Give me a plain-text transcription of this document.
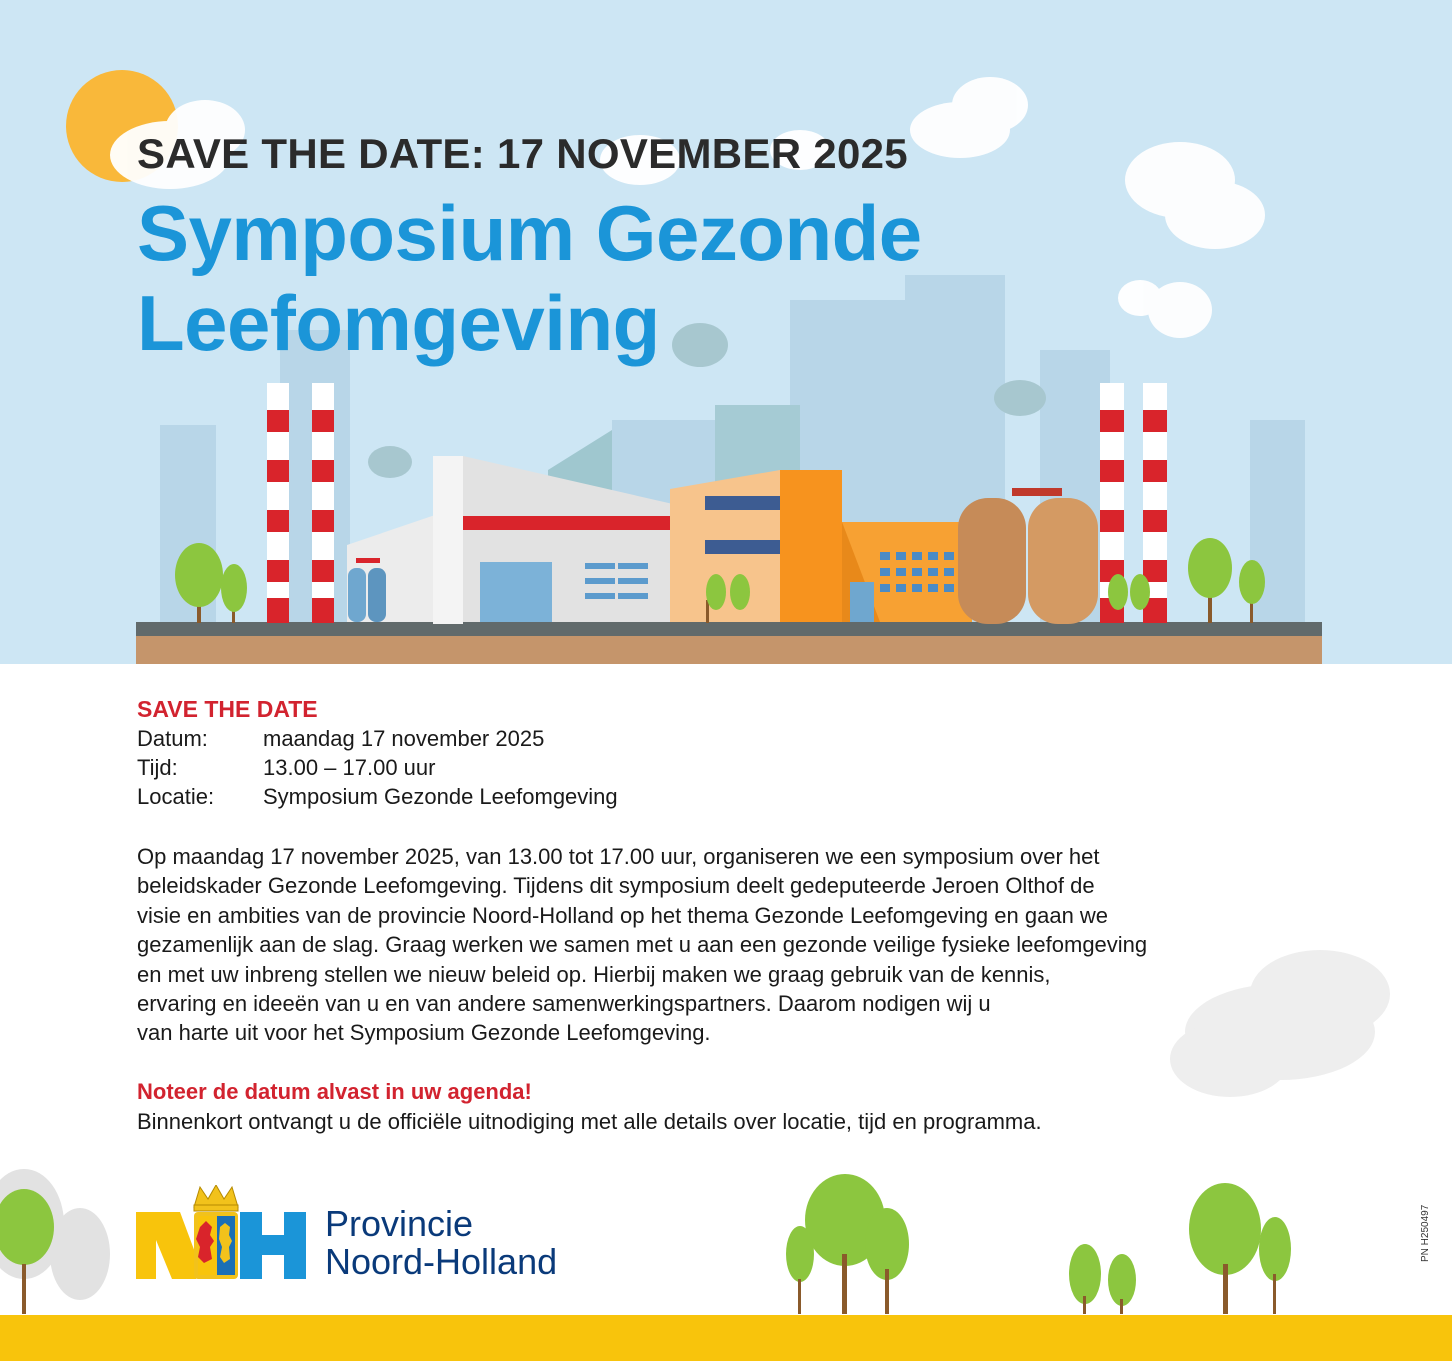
SAVE THE DATE: 17 NOVEMBER 2025
Symposium Gezonde
Leefomgeving
SAVE THE DATE
Datum:	maandag 17 november 2025
Tijd:	13.00 – 17.00 uur
Locatie:	Symposium Gezonde Leefomgeving

Op maandag 17 november 2025, van 13.00 tot 17.00 uur, organiseren we een symposium over het
beleidskader Gezonde Leefomgeving. Tijdens dit symposium deelt gedeputeerde Jeroen Olthof de
visie en ambities van de provincie Noord-Holland op het thema Gezonde Leefomgeving en gaan we
gezamenlijk aan de slag. Graag werken we samen met u aan een gezonde veilige fysieke leefomgeving
en met uw inbreng stellen we nieuw beleid op. Hierbij maken we graag gebruik van de kennis,
ervaring en ideeën van u en van andere samenwerkingspartners. Daarom nodigen wij u
van harte uit voor het Symposium Gezonde Leefomgeving.

Noteer de datum alvast in uw agenda!

Binnenkort ontvangt u de officiële uitnodiging met alle details over locatie, tijd en programma.

Provincie
Noord-Holland	PN H250497
